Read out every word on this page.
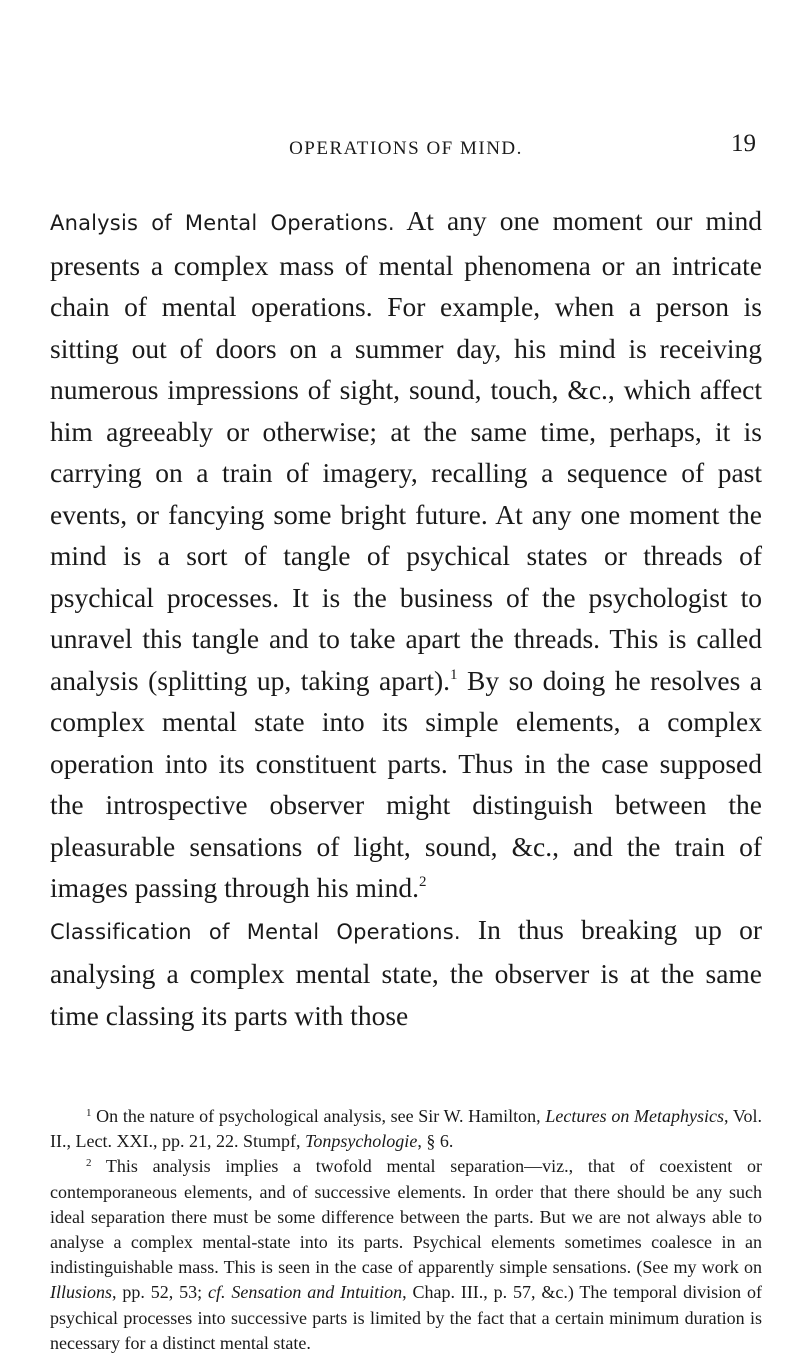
OPERATIONS OF MIND.	19

Analysis of Mental Operations. At any one moment our mind presents a complex mass of mental phenomena or an intricate chain of mental operations. For example, when a person is sitting out of doors on a summer day, his mind is receiving numerous impressions of sight, sound, touch, &c., which affect him agreeably or otherwise; at the same time, perhaps, it is carrying on a train of imagery, recalling a sequence of past events, or fancying some bright future. At any one moment the mind is a sort of tangle of psychical states or threads of psychical processes. It is the business of the psychologist to unravel this tangle and to take apart the threads. This is called analysis (splitting up, taking apart).$^1$ By so doing he resolves a complex mental state into its simple elements, a complex operation into its constituent parts. Thus in the case supposed the introspective observer might distinguish between the pleasurable sensations of light, sound, &c., and the train of images passing through his mind.$^2$

Classification of Mental Operations. In thus breaking up or analysing a complex mental state, the observer is at the same time classing its parts with those

$^1$ On the nature of psychological analysis, see Sir W. Hamilton, Lectures on Metaphysics, Vol. II., Lect. XXI., pp. 21, 22. Stumpf, Tonpsychologie, § 6.

$^2$ This analysis implies a twofold mental separation—viz., that of coexistent or contemporaneous elements, and of successive elements. In order that there should be any such ideal separation there must be some difference between the parts. But we are not always able to analyse a complex mental-state into its parts. Psychical elements sometimes coalesce in an indistinguishable mass. This is seen in the case of apparently simple sensations. (See my work on Illusions, pp. 52, 53; cf. Sensation and Intuition, Chap. III., p. 57, &c.) The temporal division of psychical processes into successive parts is limited by the fact that a certain minimum duration is necessary for a distinct mental state.
